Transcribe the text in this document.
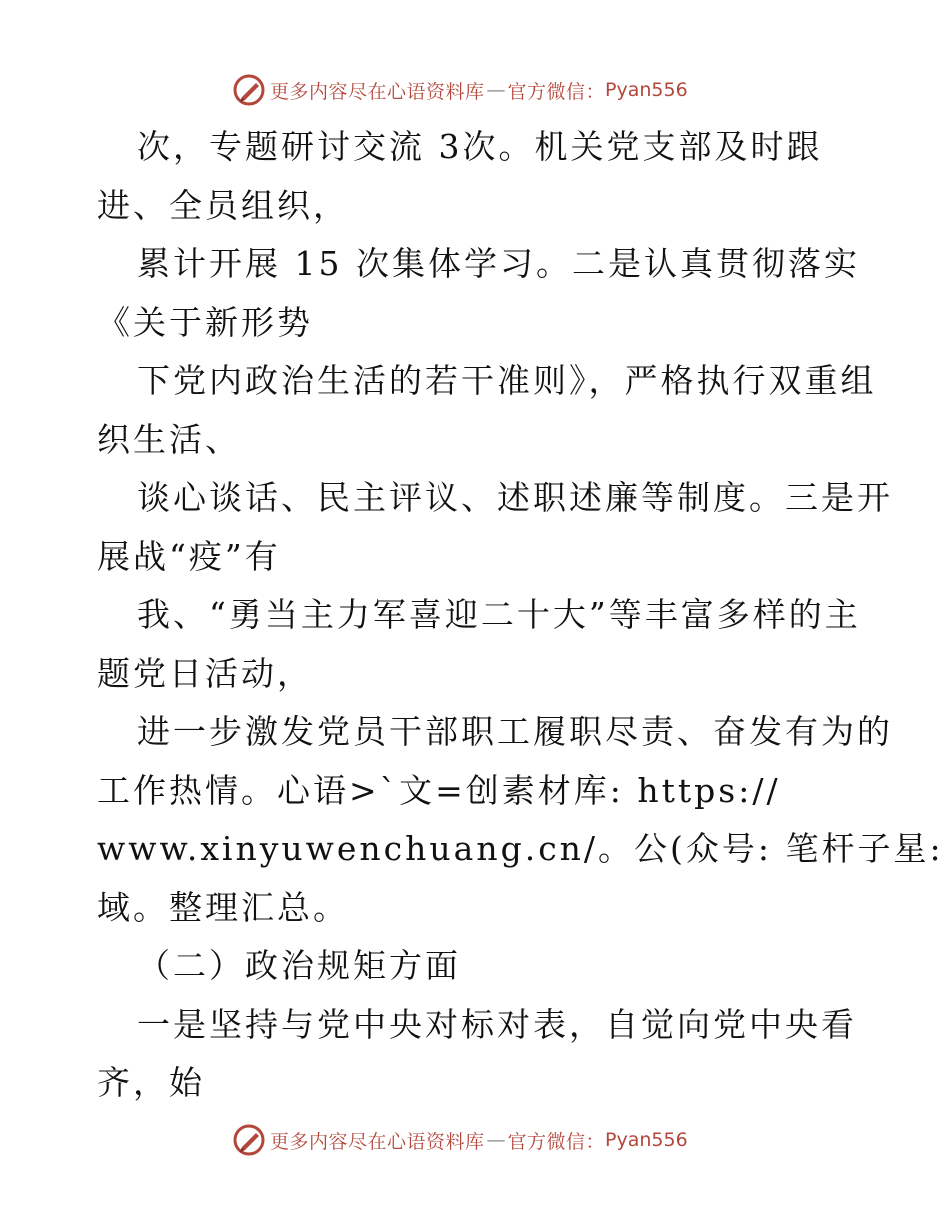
更多内容尽在心语资料库 — 官方微信： Pyan556
次，专题研讨交流 3次。机关党支部及时跟
进、全员组织，
累计开展 15 次集体学习。二是认真贯彻落实
《关于新形势
下党内政治生活的若干准则》，严格执行双重组
织生活、
谈心谈话、民主评议、述职述廉等制度。三是开
展战“疫”有
我、“勇当主力军喜迎二十大”等丰富多样的主
题党日活动，
进一步激发党员干部职工履职尽责、奋发有为的
工作热情。心语>`文=创素材库: https://
www.xinyuwenchuang.cn/。公(众号: 笔杆子星:
域。整理汇总。
（二）政治规矩方面
一是坚持与党中央对标对表，自觉向党中央看
齐，始
更多内容尽在心语资料库 — 官方微信： Pyan556
